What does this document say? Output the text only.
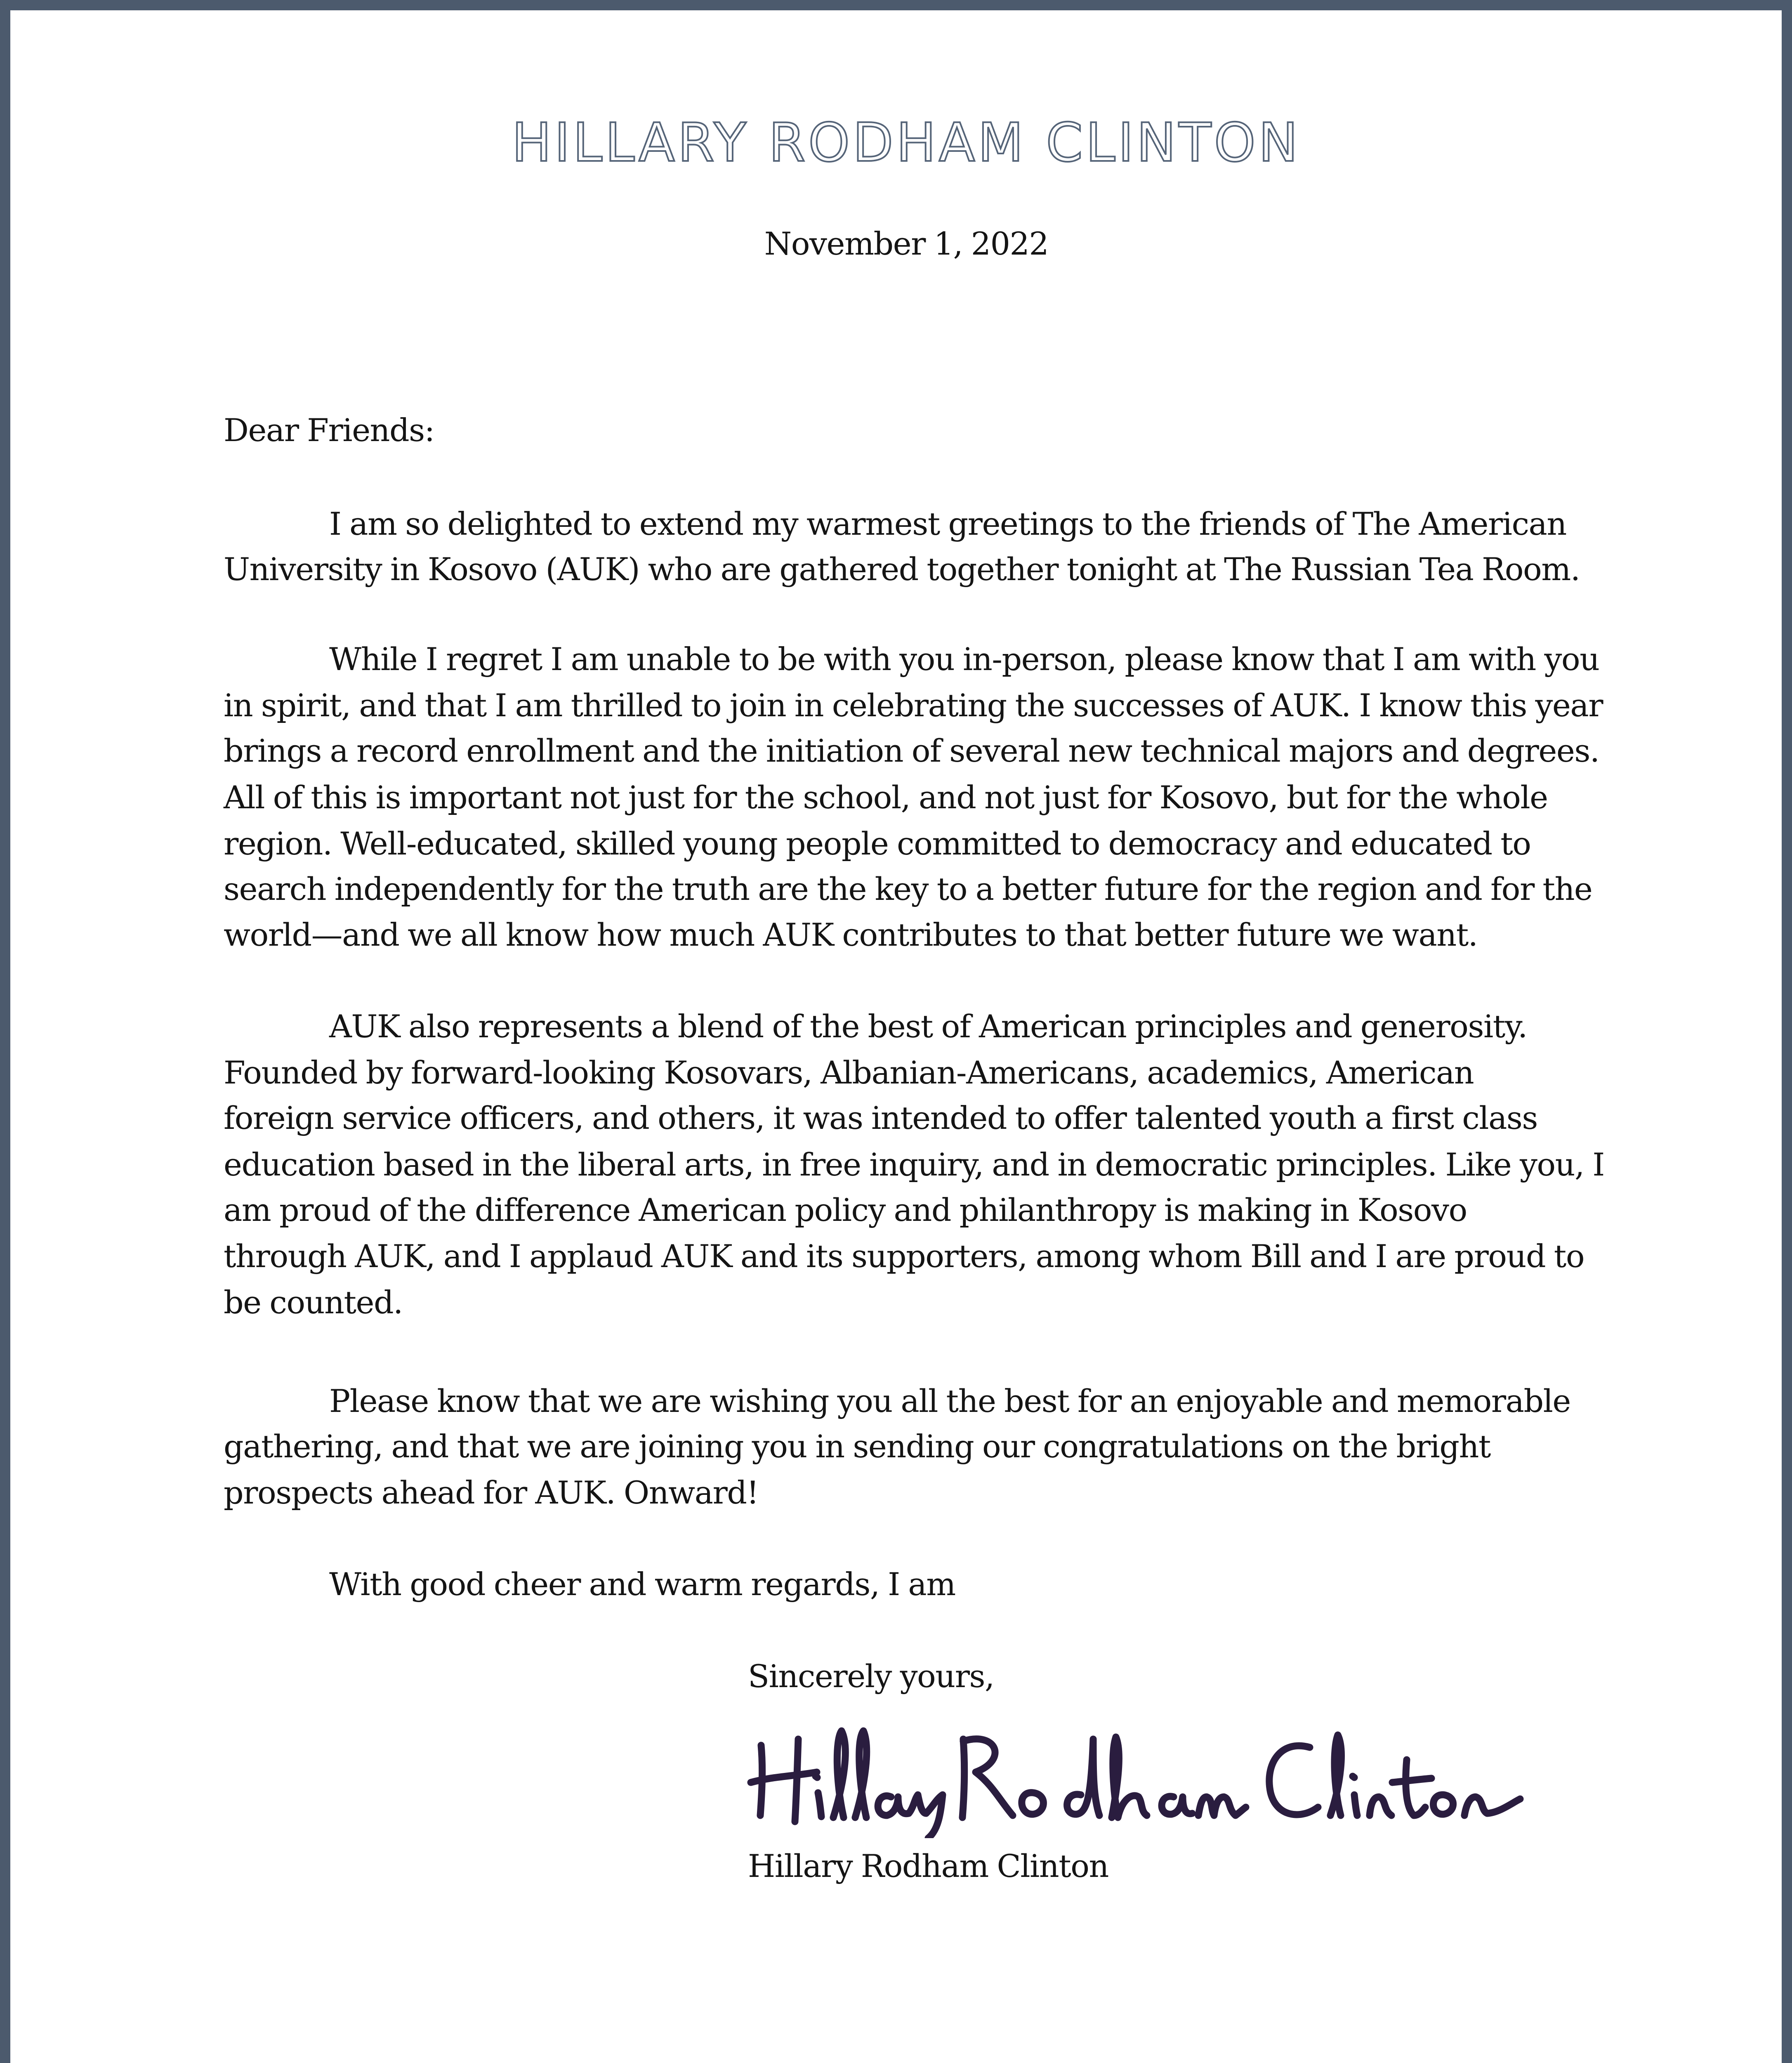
HILLARY RODHAM CLINTON
November 1, 2022
Dear Friends:
I am so delighted to extend my warmest greetings to the friends of The American
University in Kosovo (AUK) who are gathered together tonight at The Russian Tea Room.
While I regret I am unable to be with you in-person, please know that I am with you
in spirit, and that I am thrilled to join in celebrating the successes of AUK. I know this year
brings a record enrollment and the initiation of several new technical majors and degrees.
All of this is important not just for the school, and not just for Kosovo, but for the whole
region. Well-educated, skilled young people committed to democracy and educated to
search independently for the truth are the key to a better future for the region and for the
world—and we all know how much AUK contributes to that better future we want.
AUK also represents a blend of the best of American principles and generosity.
Founded by forward-looking Kosovars, Albanian-Americans, academics, American
foreign service officers, and others, it was intended to offer talented youth a first class
education based in the liberal arts, in free inquiry, and in democratic principles. Like you, I
am proud of the difference American policy and philanthropy is making in Kosovo
through AUK, and I applaud AUK and its supporters, among whom Bill and I are proud to
be counted.
Please know that we are wishing you all the best for an enjoyable and memorable
gathering, and that we are joining you in sending our congratulations on the bright
prospects ahead for AUK. Onward!
With good cheer and warm regards, I am
Sincerely yours,
Hillary Rodham Clinton
